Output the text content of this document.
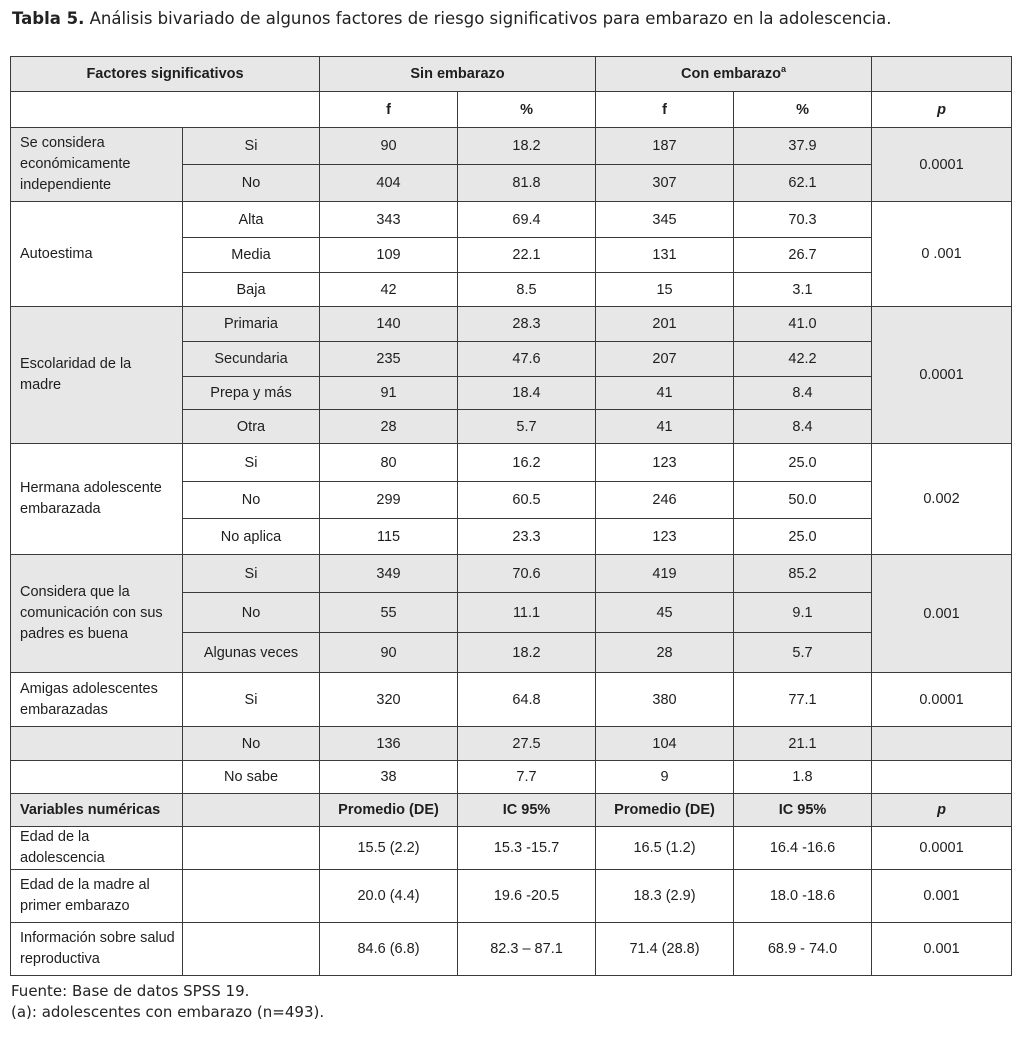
Tabla 5. Análisis bivariado de algunos factores de riesgo significativos para embarazo en la adolescencia.
Factores significativos		Sin embarazo		Con embarazo$^a$	
		f	%	f	%	p
Se considera económicamente independiente	Si	90	18.2	187	37.9	0.0001
	No	404	81.8	307	62.1	
Autoestima	Alta	343	69.4	345	70.3	0 .001
	Media	109	22.1	131	26.7	
	Baja	42	8.5	15	3.1	
Escolaridad de la madre	Primaria	140	28.3	201	41.0	0.0001
	Secundaria	235	47.6	207	42.2	
	Prepa y más	91	18.4	41	8.4	
	Otra	28	5.7	41	8.4	
Hermana adolescente embarazada	Si	80	16.2	123	25.0	0.002
	No	299	60.5	246	50.0	
	No aplica	115	23.3	123	25.0	
Considera que la comunicación con sus padres es buena	Si	349	70.6	419	85.2	0.001
	No	55	11.1	45	9.1	
	Algunas veces	90	18.2	28	5.7	
Amigas adolescentes embarazadas	Si	320	64.8	380	77.1	0.0001
	No	136	27.5	104	21.1	
	No sabe	38	7.7	9	1.8	
Variables numéricas		Promedio (DE)	IC 95%	Promedio (DE)	IC 95%	p
Edad de la adolescencia		15.5 (2.2)	15.3 -15.7	16.5 (1.2)	16.4 -16.6	0.0001
Edad de la madre al primer embarazo		20.0 (4.4)	19.6 -20.5	18.3 (2.9)	18.0 -18.6	0.001
Información sobre salud reproductiva		84.6 (6.8)	82.3 – 87.1	71.4 (28.8)	68.9 - 74.0	0.001
Fuente: Base de datos SPSS 19.
(a): adolescentes con embarazo (n=493).
